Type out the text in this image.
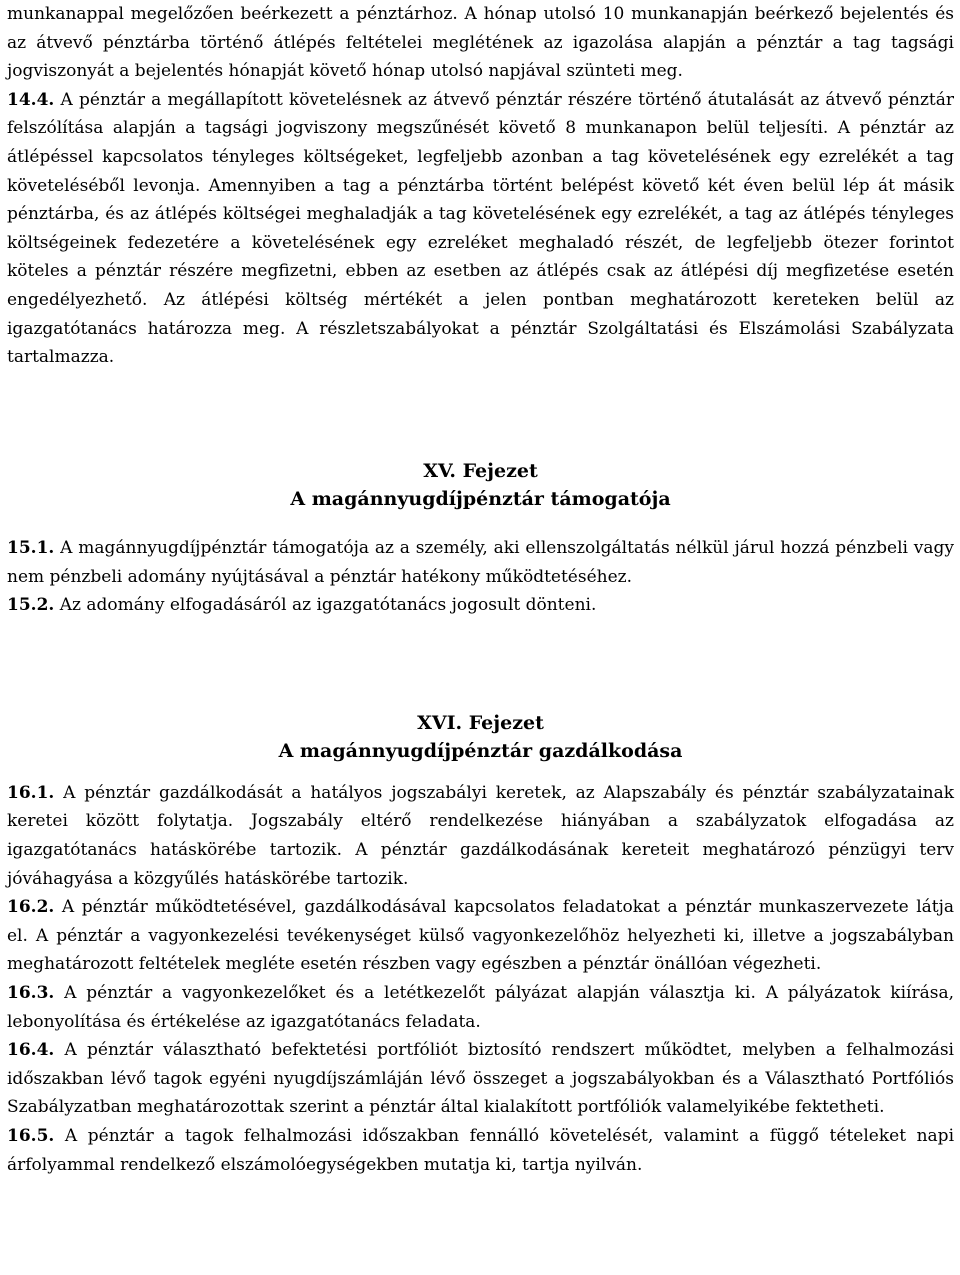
munkanappal megelőzően beérkezett a pénztárhoz. A hónap utolsó 10 munkanapján beérkező bejelentés és az átvevő pénztárba történő átlépés feltételei meglétének az igazolása alapján a pénztár a tag tagsági jogviszonyát a bejelentés hónapját követő hónap utolsó napjával szünteti meg.

14.4. A pénztár a megállapított követelésnek az átvevő pénztár részére történő átutalását az átvevő pénztár felszólítása alapján a tagsági jogviszony megszűnését követő 8 munkanapon belül teljesíti. A pénztár az átlépéssel kapcsolatos tényleges költségeket, legfeljebb azonban a tag követelésének egy ezrelékét a tag követeléséből levonja. Amennyiben a tag a pénztárba történt belépést követő két éven belül lép át másik pénztárba, és az átlépés költségei meghaladják a tag követelésének egy ezrelékét, a tag az átlépés tényleges költségeinek fedezetére a követelésének egy ezreléket meghaladó részét, de legfeljebb ötezer forintot köteles a pénztár részére megfizetni, ebben az esetben az átlépés csak az átlépési díj megfizetése esetén engedélyezhető. Az átlépési költség mértékét a jelen pontban meghatározott kereteken belül az igazgatótanács határozza meg. A részletszabályokat a pénztár Szolgáltatási és Elszámolási Szabályzata tartalmazza.

XV. Fejezet
A magánnyugdíjpénztár támogatója

15.1. A magánnyugdíjpénztár támogatója az a személy, aki ellenszolgáltatás nélkül járul hozzá pénzbeli vagy nem pénzbeli adomány nyújtásával a pénztár hatékony működtetéséhez.

15.2. Az adomány elfogadásáról az igazgatótanács jogosult dönteni.

XVI. Fejezet
A magánnyugdíjpénztár gazdálkodása

16.1. A pénztár gazdálkodását a hatályos jogszabályi keretek, az Alapszabály és pénztár szabályzatainak keretei között folytatja. Jogszabály eltérő rendelkezése hiányában a szabályzatok elfogadása az igazgatótanács hatáskörébe tartozik. A pénztár gazdálkodásának kereteit meghatározó pénzügyi terv jóváhagyása a közgyűlés hatáskörébe tartozik.

16.2. A pénztár működtetésével, gazdálkodásával kapcsolatos feladatokat a pénztár munkaszervezete látja el. A pénztár a vagyonkezelési tevékenységet külső vagyonkezelőhöz helyezheti ki, illetve a jogszabályban meghatározott feltételek megléte esetén részben vagy egészben a pénztár önállóan végezheti.

16.3. A pénztár a vagyonkezelőket és a letétkezelőt pályázat alapján választja ki. A pályázatok kiírása, lebonyolítása és értékelése az igazgatótanács feladata.

16.4. A pénztár választható befektetési portfóliót biztosító rendszert működtet, melyben a felhalmozási időszakban lévő tagok egyéni nyugdíjszámláján lévő összeget a jogszabályokban és a Választható Portfóliós Szabályzatban meghatározottak szerint a pénztár által kialakított portfóliók valamelyikébe fektetheti.

16.5. A pénztár a tagok felhalmozási időszakban fennálló követelését, valamint a függő tételeket napi árfolyammal rendelkező elszámolóegységekben mutatja ki, tartja nyilván.
